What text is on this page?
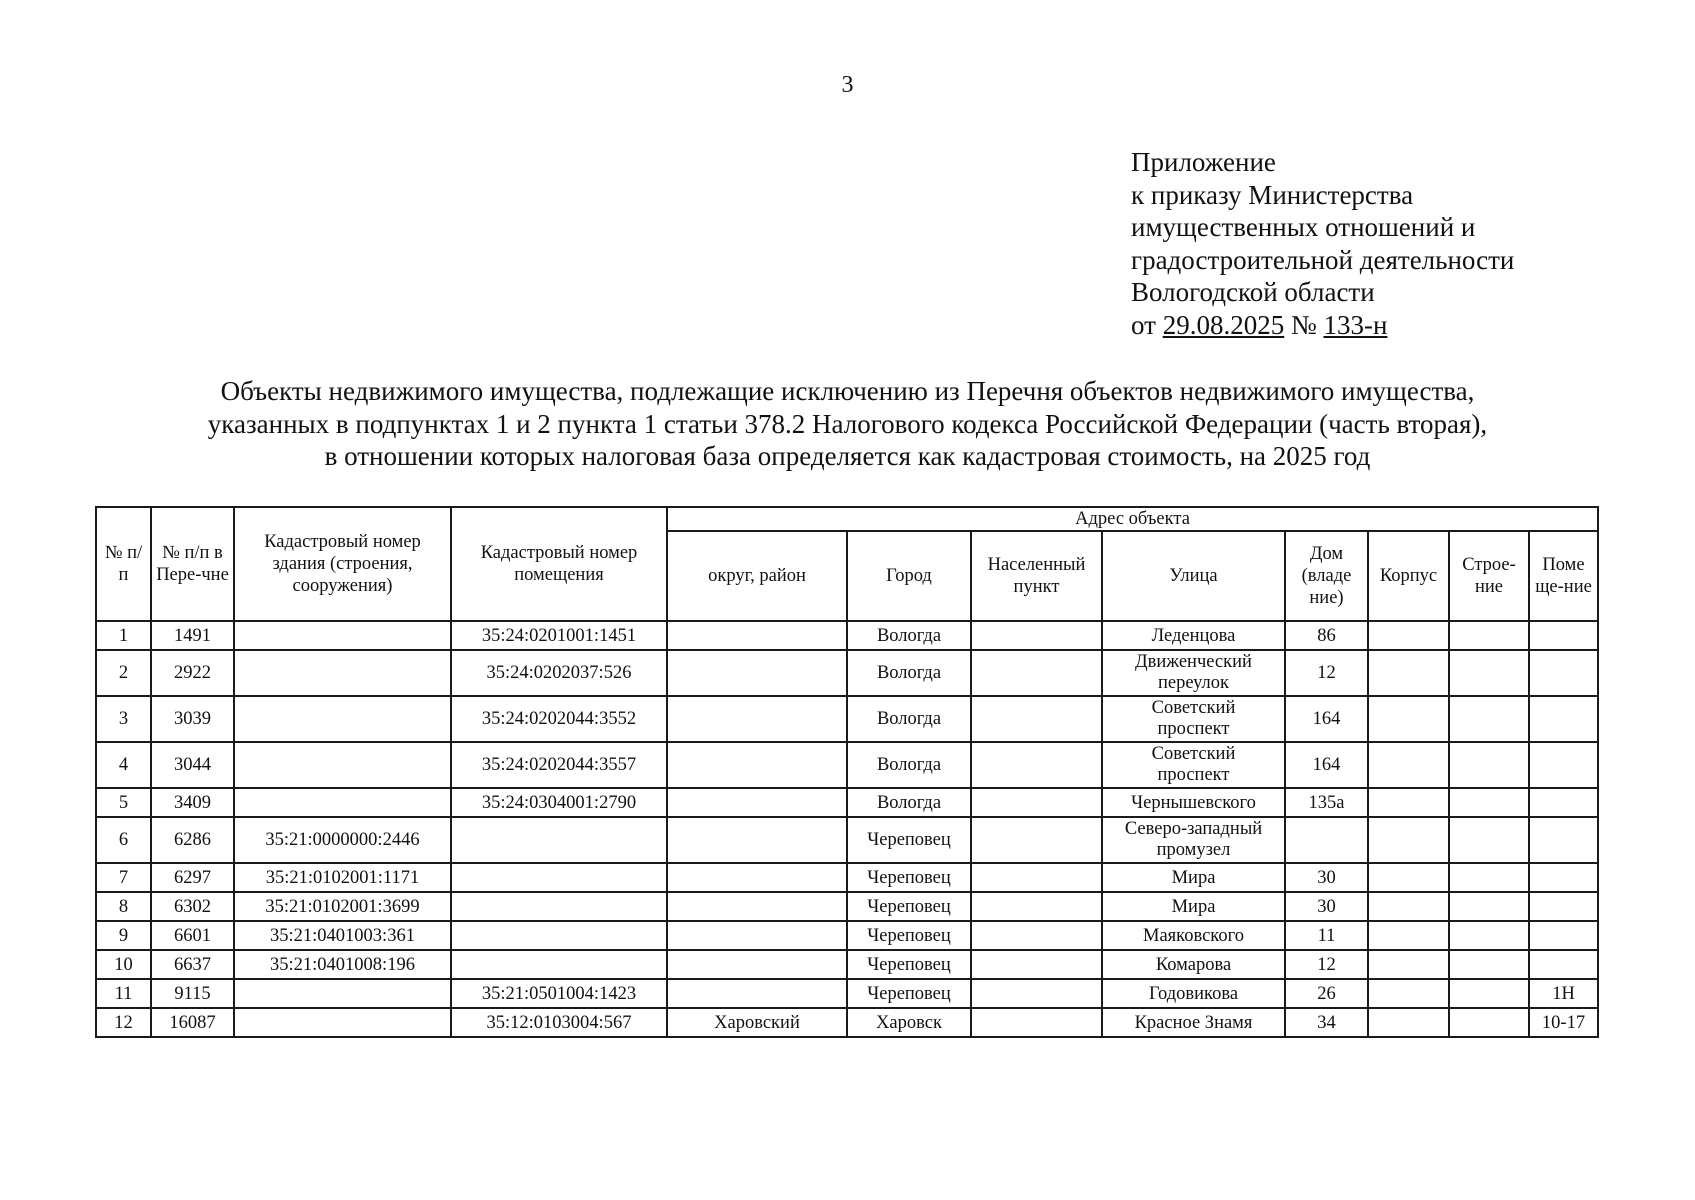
3
Приложение
к приказу Министерства
имущественных отношений и
градостроительной деятельности
Вологодской области
от 29.08.2025 № 133-н
Объекты недвижимого имущества, подлежащие исключению из Перечня объектов недвижимого имущества,
указанных в подпунктах 1 и 2 пункта 1 статьи 378.2 Налогового кодекса Российской Федерации (часть вторая),
в отношении которых налоговая база определяется как кадастровая стоимость, на 2025 год
№ п/п	№ п/п в Пере-чне	Кадастровый номер здания (строения, сооружения)	Кадастровый номер помещения	Адрес объекта							
				округ, район	Город	Населенный пункт	Улица	Дом (владе ние)	Корпус	Строе-ние	Поме ще-ние
1	1491		35:24:0201001:1451		Вологда		Леденцова	86			
2	2922		35:24:0202037:526		Вологда		Движенческий
переулок	12			
3	3039		35:24:0202044:3552		Вологда		Советский
проспект	164			
4	3044		35:24:0202044:3557		Вологда		Советский
проспект	164			
5	3409		35:24:0304001:2790		Вологда		Чернышевского	135а			
6	6286	35:21:0000000:2446			Череповец		Северо-западный
промузел				

7	6297	35:21:0102001:1171			Череповец		Мира	30			
8	6302	35:21:0102001:3699			Череповец		Мира	30			
9	6601	35:21:0401003:361			Череповец		Маяковского	11			
10	6637	35:21:0401008:196			Череповец		Комарова	12			
11	9115		35:21:0501004:1423		Череповец		Годовикова	26			1Н
12	16087		35:12:0103004:567	Харовский	Харовск		Красное Знамя	34			10-17
